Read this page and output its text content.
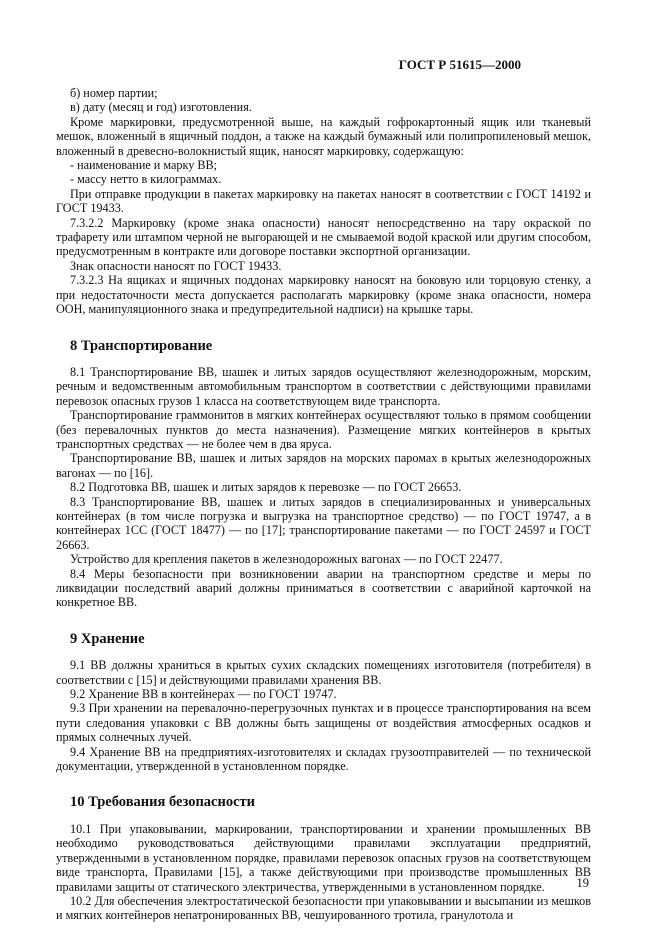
ГОСТ Р 51615—2000

б) номер партии;

в) дату (месяц и год) изготовления.

Кроме маркировки, предусмотренной выше, на каждый гофрокартонный ящик или тканевый мешок, вложенный в ящичный поддон, а также на каждый бумажный или полипропиленовый мешок, вложенный в древесно-волокнистый ящик, наносят маркировку, содержащую:

- наименование и марку ВВ;

- массу нетто в килограммах.

При отправке продукции в пакетах маркировку на пакетах наносят в соответствии с ГОСТ 14192 и ГОСТ 19433.

7.3.2.2 Маркировку (кроме знака опасности) наносят непосредственно на тару окраской по трафарету или штампом черной не выгорающей и не смываемой водой краской или другим способом, предусмотренным в контракте или договоре поставки экспортной организации.

Знак опасности наносят по ГОСТ 19433.

7.3.2.3 На ящиках и ящичных поддонах маркировку наносят на боковую или торцовую стенку, а при недостаточности места допускается располагать маркировку (кроме знака опасности, номера ООН, манипуляционного знака и предупредительной надписи) на крышке тары.

8 Транспортирование

8.1 Транспортирование ВВ, шашек и литых зарядов осуществляют железнодорожным, морским, речным и ведомственным автомобильным транспортом в соответствии с действующими правилами перевозок опасных грузов 1 класса на соответствующем виде транспорта.

Транспортирование граммонитов в мягких контейнерах осуществляют только в прямом сообщении (без перевалочных пунктов до места назначения). Размещение мягких контейнеров в крытых транспортных средствах — не более чем в два яруса.

Транспортирование ВВ, шашек и литых зарядов на морских паромах в крытых железнодорожных вагонах — по [16].

8.2 Подготовка ВВ, шашек и литых зарядов к перевозке — по ГОСТ 26653.

8.3 Транспортирование ВВ, шашек и литых зарядов в специализированных и универсальных контейнерах (в том числе погрузка и выгрузка на транспортное средство) — по ГОСТ 19747, а в контейнерах 1СС (ГОСТ 18477) — по [17]; транспортирование пакетами — по ГОСТ 24597 и ГОСТ 26663.

Устройство для крепления пакетов в железнодорожных вагонах — по ГОСТ 22477.

8.4 Меры безопасности при возникновении аварии на транспортном средстве и меры по ликвидации последствий аварий должны приниматься в соответствии с аварийной карточкой на конкретное ВВ.

9 Хранение

9.1 ВВ должны храниться в крытых сухих складских помещениях изготовителя (потребителя) в соответствии с [15] и действующими правилами хранения ВВ.

9.2 Хранение ВВ в контейнерах — по ГОСТ 19747.

9.3 При хранении на перевалочно-перегрузочных пунктах и в процессе транспортирования на всем пути следования упаковки с ВВ должны быть защищены от воздействия атмосферных осадков и прямых солнечных лучей.

9.4 Хранение ВВ на предприятиях-изготовителях и складах грузоотправителей — по технической документации, утвержденной в установленном порядке.

10 Требования безопасности

10.1 При упаковывании, маркировании, транспортировании и хранении промышленных ВВ необходимо руководствоваться действующими правилами эксплуатации предприятий, утвержденными в установленном порядке, правилами перевозок опасных грузов на соответствующем виде транспорта, Правилами [15], а также действующими при производстве промышленных ВВ правилами защиты от статического электричества, утвержденными в установленном порядке.

10.2 Для обеспечения электростатической безопасности при упаковывании и высыпании из мешков и мягких контейнеров непатронированных ВВ, чешуированного тротила, гранулотола и

19
